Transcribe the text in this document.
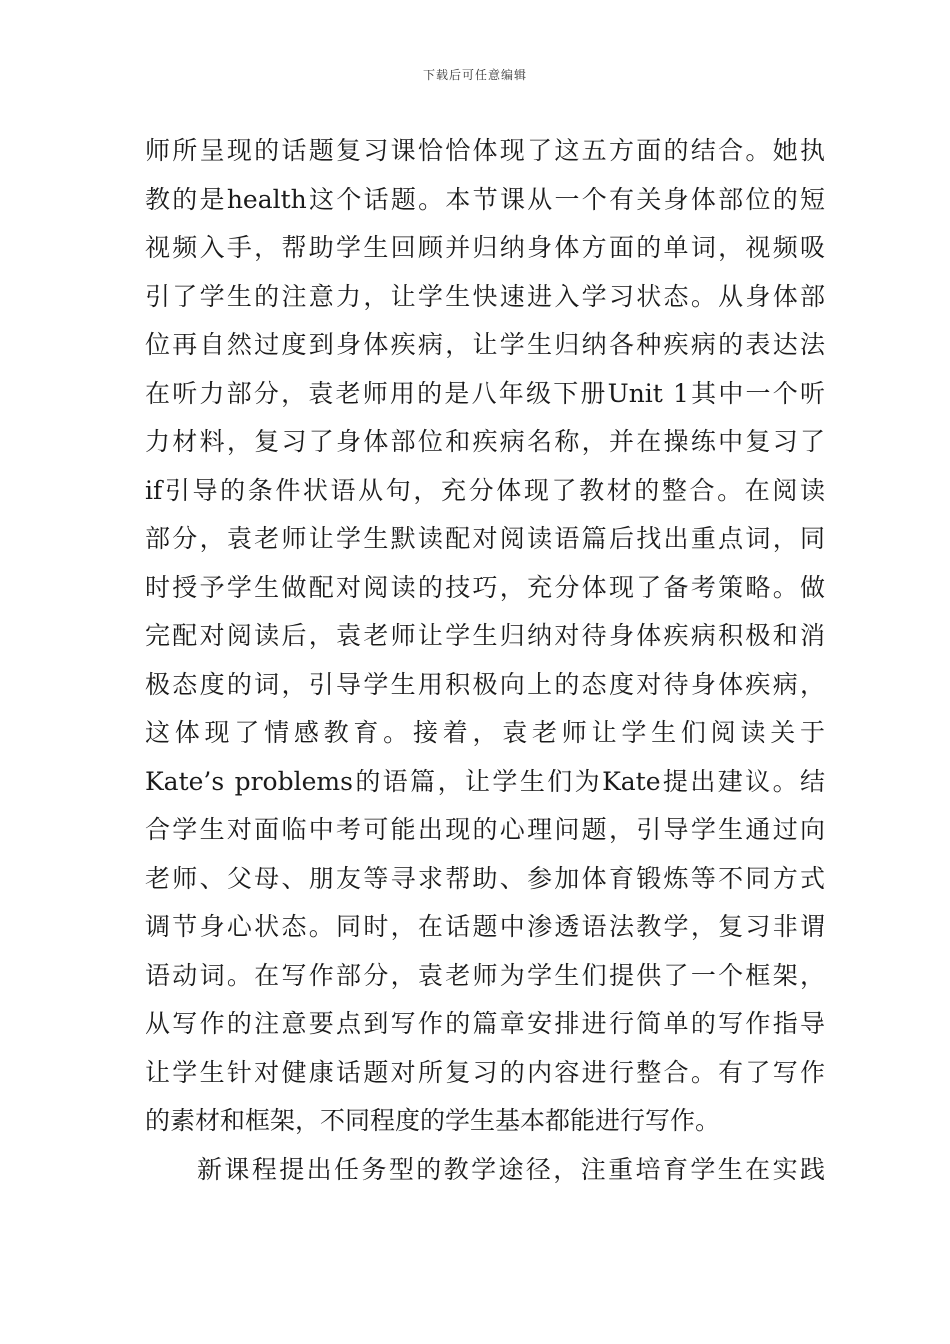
下载后可任意编辑
师所呈现的话题复习课恰恰体现了这五方面的结合。她执
教的是health这个话题。本节课从一个有关身体部位的短
视频入手，帮助学生回顾并归纳身体方面的单词，视频吸
引了学生的注意力，让学生快速进入学习状态。从身体部
位再自然过度到身体疾病，让学生归纳各种疾病的表达法
在听力部分，袁老师用的是八年级下册Unit 1其中一个听
力材料，复习了身体部位和疾病名称，并在操练中复习了
if引导的条件状语从句，充分体现了教材的整合。在阅读
部分，袁老师让学生默读配对阅读语篇后找出重点词，同
时授予学生做配对阅读的技巧，充分体现了备考策略。做
完配对阅读后，袁老师让学生归纳对待身体疾病积极和消
极态度的词，引导学生用积极向上的态度对待身体疾病，
这体现了情感教育。接着，袁老师让学生们阅读关于
Kate’s problems的语篇，让学生们为Kate提出建议。结
合学生对面临中考可能出现的心理问题，引导学生通过向
老师、父母、朋友等寻求帮助、参加体育锻炼等不同方式
调节身心状态。同时，在话题中渗透语法教学，复习非谓
语动词。在写作部分，袁老师为学生们提供了一个框架，
从写作的注意要点到写作的篇章安排进行简单的写作指导
让学生针对健康话题对所复习的内容进行整合。有了写作
的素材和框架，不同程度的学生基本都能进行写作。
新课程提出任务型的教学途径，注重培育学生在实践
